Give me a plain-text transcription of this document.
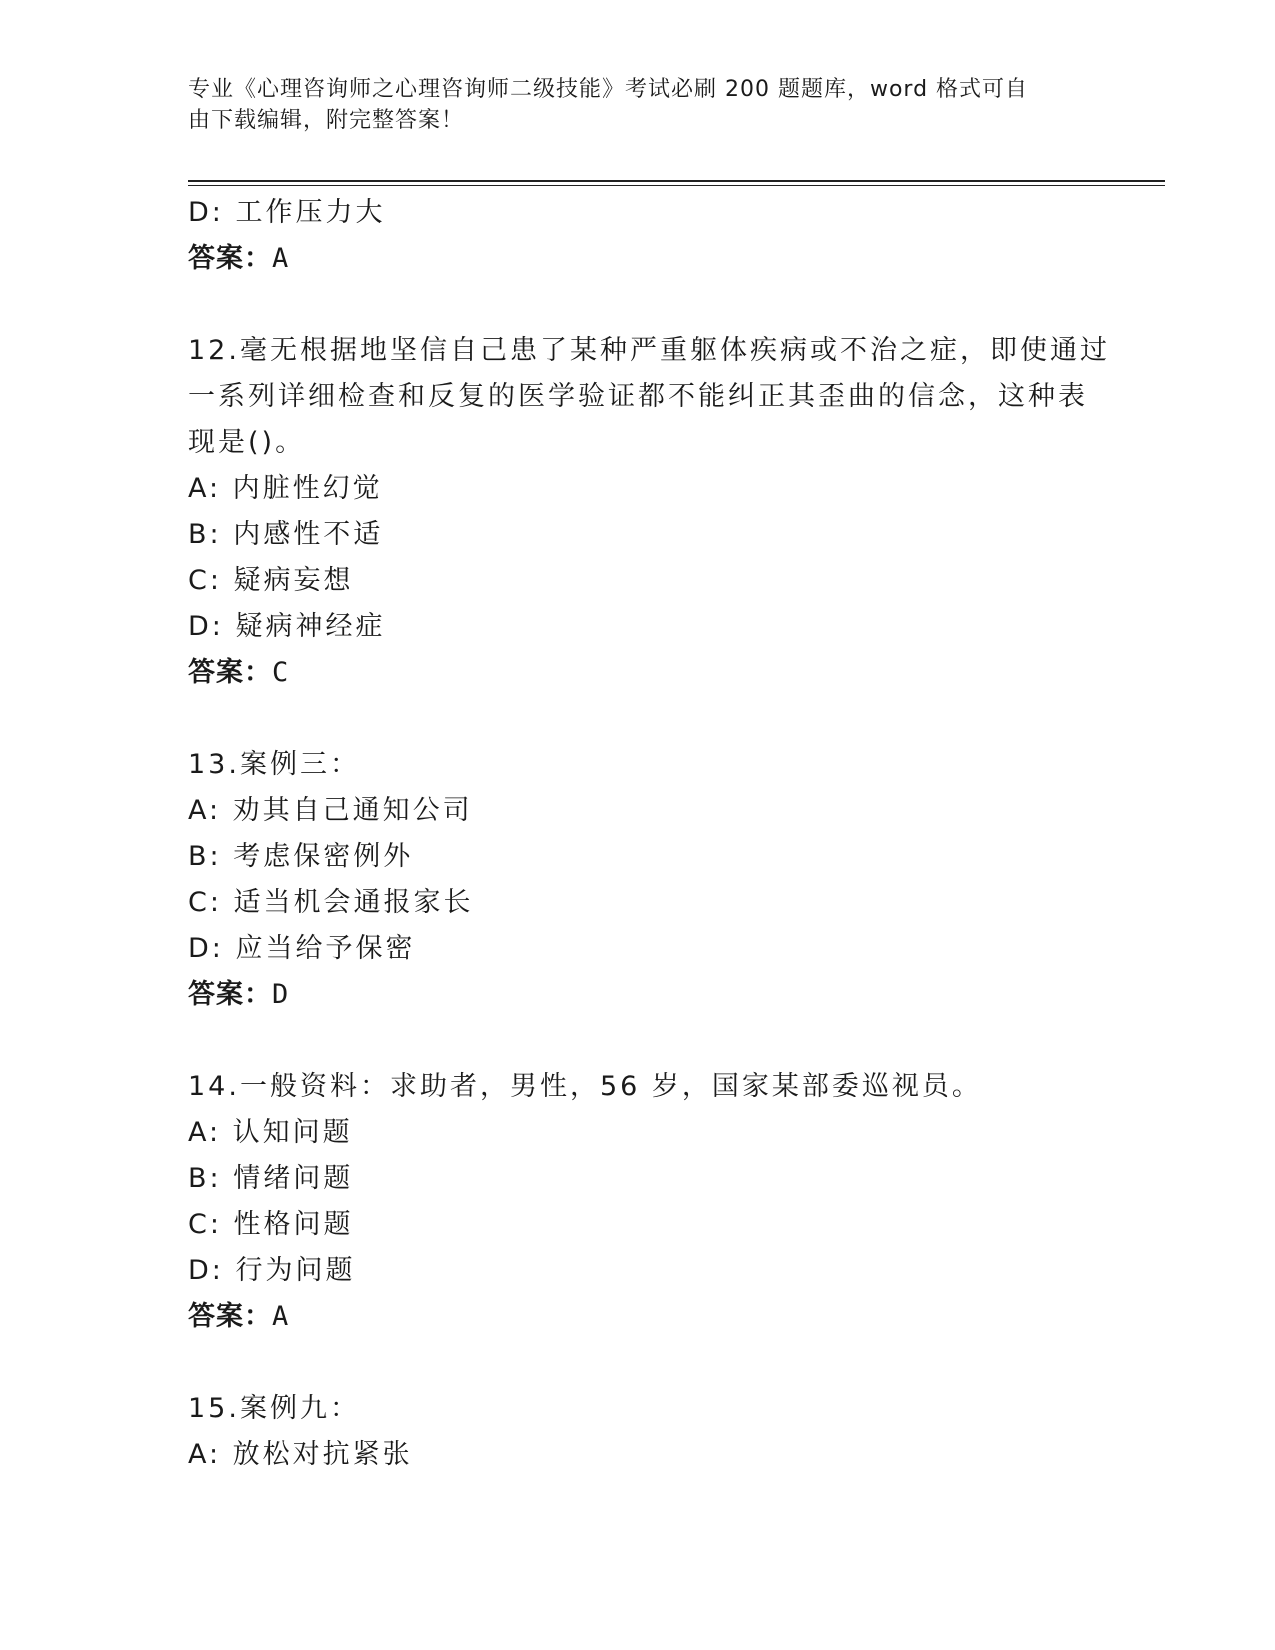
专业《心理咨询师之心理咨询师二级技能》考试必刷 200 题题库，word 格式可自
由下载编辑，附完整答案！
D: 工作压力大
答案：A
12.毫无根据地坚信自己患了某种严重躯体疾病或不治之症，即使通过
一系列详细检查和反复的医学验证都不能纠正其歪曲的信念，这种表
现是()。
A: 内脏性幻觉
B: 内感性不适
C: 疑病妄想
D: 疑病神经症
答案：C
13.案例三：
A: 劝其自己通知公司
B: 考虑保密例外
C: 适当机会通报家长
D: 应当给予保密
答案：D
14.一般资料：求助者，男性，56 岁，国家某部委巡视员。
A: 认知问题
B: 情绪问题
C: 性格问题
D: 行为问题
答案：A
15.案例九：
A: 放松对抗紧张
